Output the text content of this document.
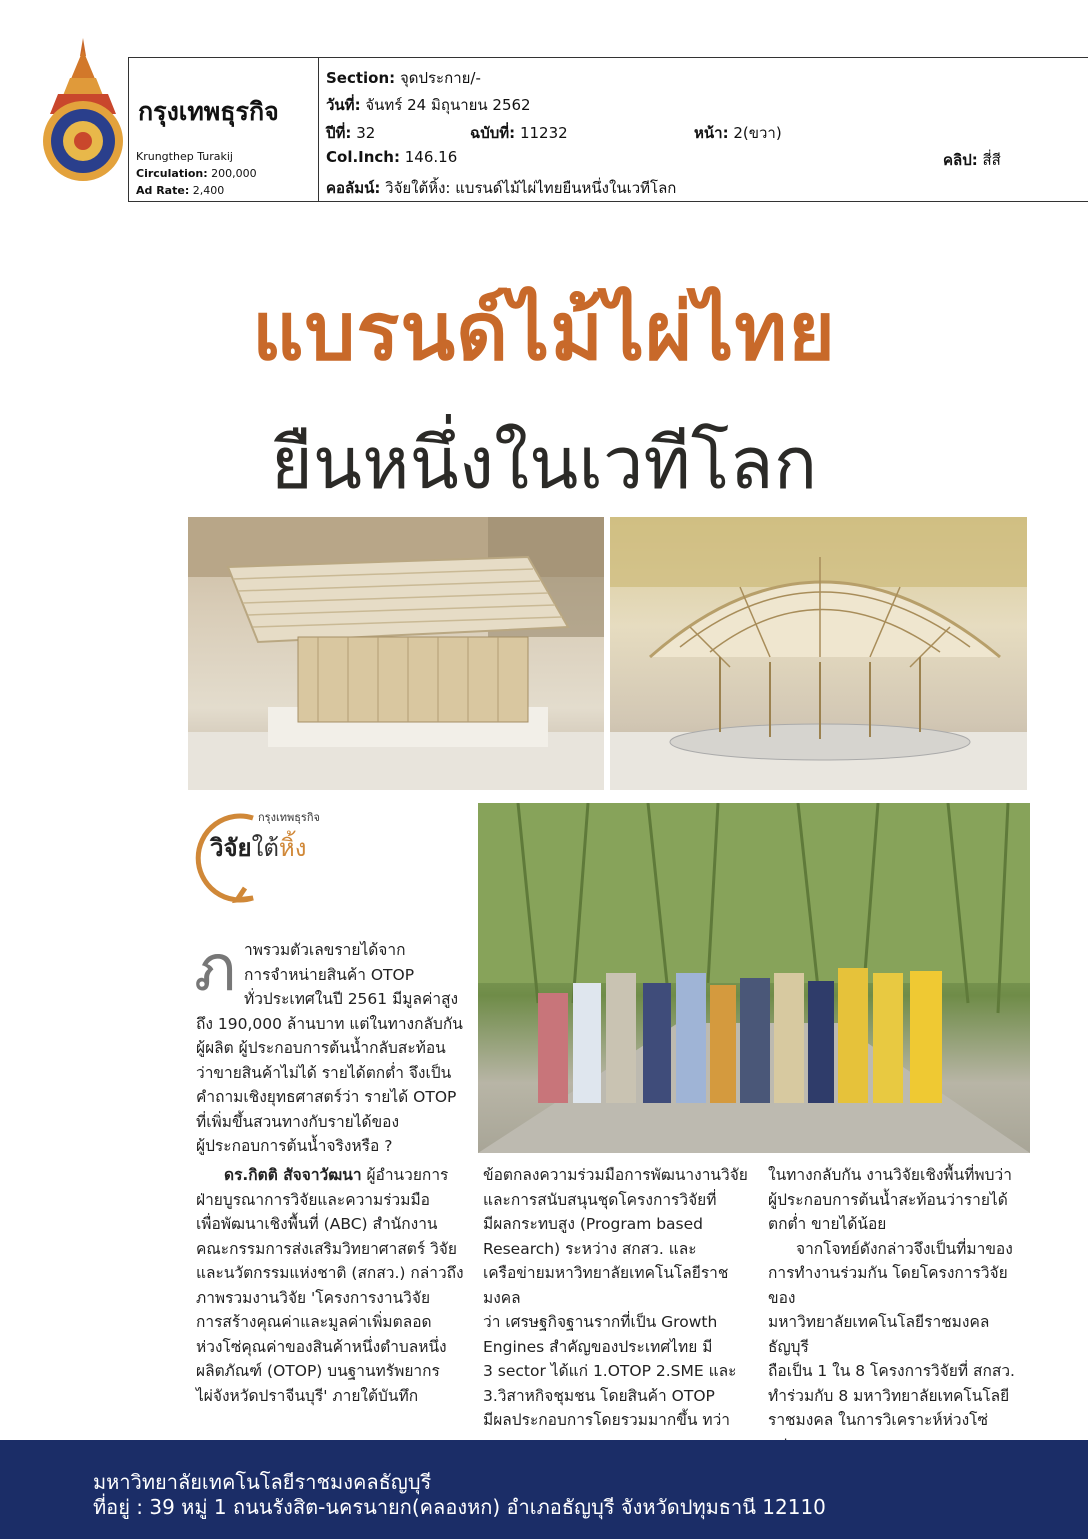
กรุงเทพธุรกิจ
Krungthep Turakij
Circulation: 200,000
Ad Rate: 2,400
Section: จุดประกาย/-
วันที่: จันทร์ 24 มิถุนายน 2562
ปีที่: 32	ฉบับที่: 11232	หน้า: 2(ขวา)
Col.Inch: 146.16	คลิป: สี่สี
คอลัมน์: วิจัยใต้หิ้ง: แบรนด์ไม้ไผ่ไทยยืนหนึ่งในเวทีโลก
แบรนด์ไม้ไผ่ไทย
ยืนหนึ่งในเวทีโลก
กรุงเทพธุรกิจ
วิจัยใต้หิ้ง
ภ าพรวมตัวเลขรายได้จาก

การจำหน่ายสินค้า OTOP

ทั่วประเทศในปี 2561 มีมูลค่าสูง

ถึง 190,000 ล้านบาท แต่ในทางกลับกัน

ผู้ผลิต ผู้ประกอบการต้นน้ำกลับสะท้อน

ว่าขายสินค้าไม่ได้ รายได้ตกต่ำ จึงเป็น

คำถามเชิงยุทธศาสตร์ว่า รายได้ OTOP

ที่เพิ่มขึ้นสวนทางกับรายได้ของ

ผู้ประกอบการต้นน้ำจริงหรือ ?

ดร.กิตติ สัจจาวัฒนา ผู้อำนวยการ

ฝ่ายบูรณาการวิจัยและความร่วมมือ

เพื่อพัฒนาเชิงพื้นที่ (ABC) สำนักงาน

คณะกรรมการส่งเสริมวิทยาศาสตร์ วิจัย

และนวัตกรรมแห่งชาติ (สกสว.) กล่าวถึง

ภาพรวมงานวิจัย 'โครงการงานวิจัย

การสร้างคุณค่าและมูลค่าเพิ่มตลอด

ห่วงโซ่คุณค่าของสินค้าหนึ่งตำบลหนึ่ง

ผลิตภัณฑ์ (OTOP) บนฐานทรัพยากร

ไผ่จังหวัดปราจีนบุรี' ภายใต้บันทึก

ข้อตกลงความร่วมมือการพัฒนางานวิจัย

และการสนับสนุนชุดโครงการวิจัยที่

มีผลกระทบสูง (Program based

Research) ระหว่าง สกสว. และ

เครือข่ายมหาวิทยาลัยเทคโนโลยีราชมงคล

ว่า เศรษฐกิจฐานรากที่เป็น Growth

Engines สำคัญของประเทศไทย มี

3 sector ได้แก่ 1.OTOP 2.SME และ

3.วิสาหกิจชุมชน โดยสินค้า OTOP

มีผลประกอบการโดยรวมมากขึ้น ทว่า

ในทางกลับกัน งานวิจัยเชิงพื้นที่พบว่า

ผู้ประกอบการต้นน้ำสะท้อนว่ารายได้

ตกต่ำ ขายได้น้อย

จากโจทย์ดังกล่าวจึงเป็นที่มาของ

การทำงานร่วมกัน โดยโครงการวิจัยของ

มหาวิทยาลัยเทคโนโลยีราชมงคลธัญบุรี

ถือเป็น 1 ใน 8 โครงการวิจัยที่ สกสว.

ทำร่วมกับ 8 มหาวิทยาลัยเทคโนโลยี

ราชมงคล ในการวิเคราะห์ห่วงโซ่

มหาวิทยาลัยเทคโนโลยีราชมงคลธัญบุรี
ที่อยู่ : 39 หมู่ 1 ถนนรังสิต-นครนายก(คลองหก) อำเภอธัญบุรี จังหวัดปทุมธานี 12110
